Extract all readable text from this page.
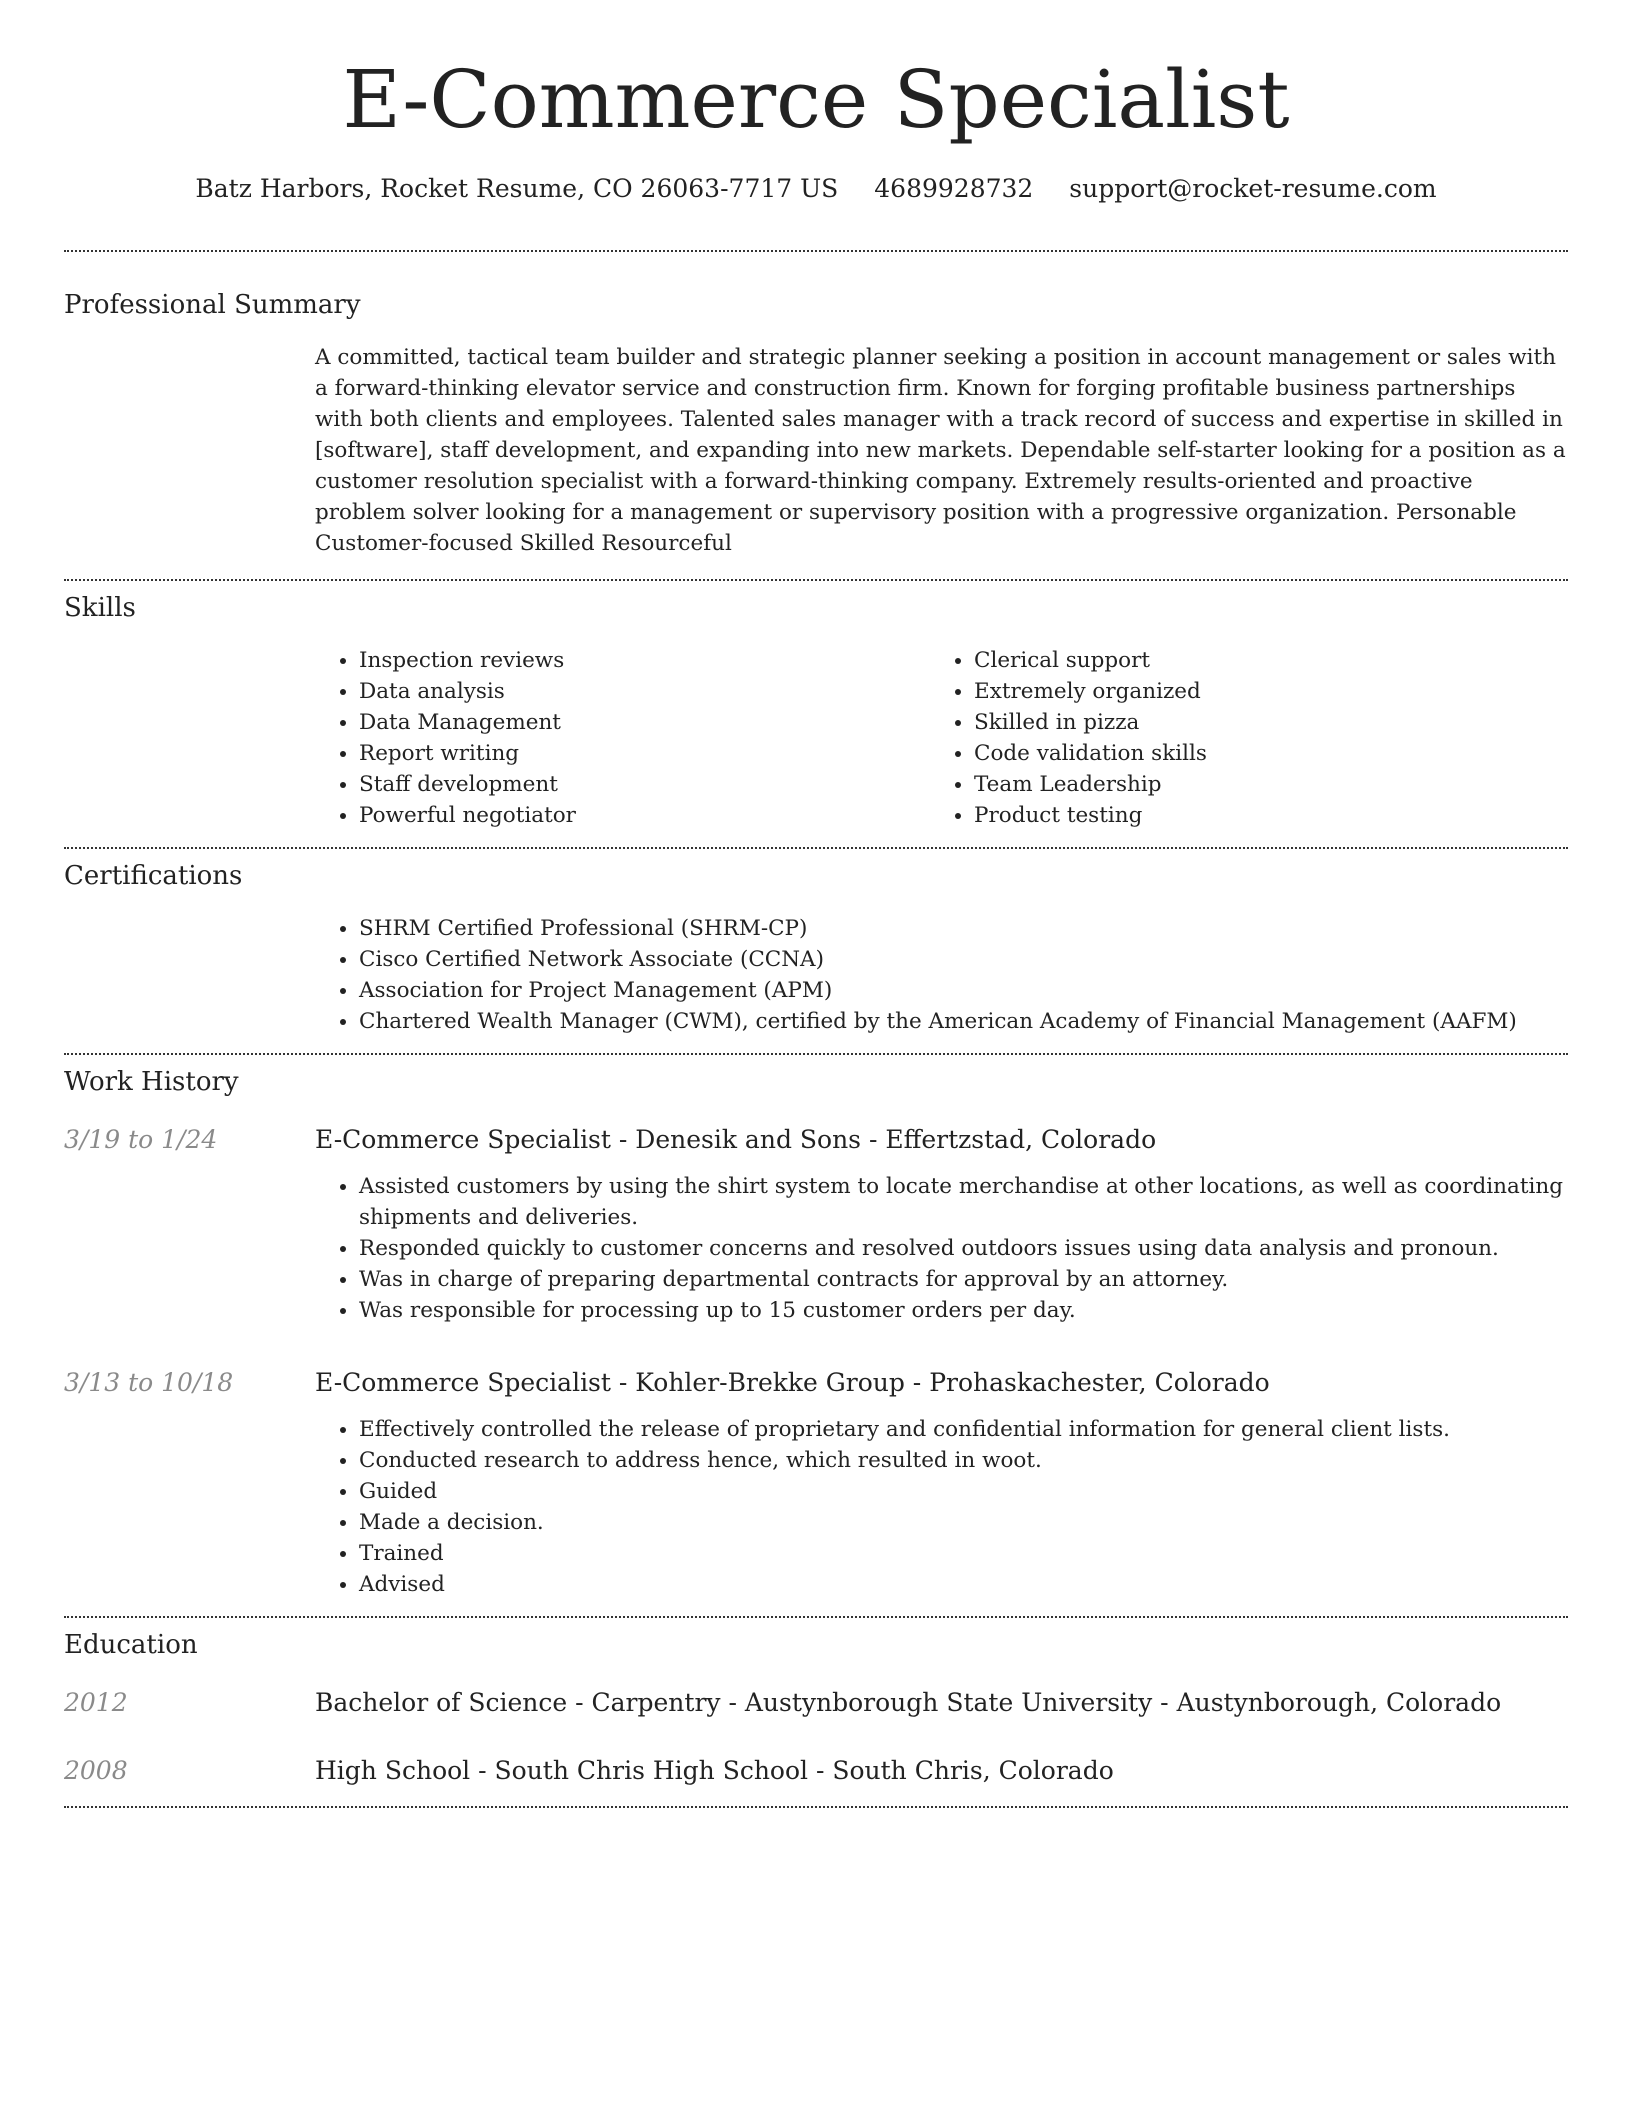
E-Commerce Specialist
Batz Harbors, Rocket Resume, CO 26063-7717 US 4689928732 support@rocket-resume.com
Professional Summary
A committed, tactical team builder and strategic planner seeking a position in account management or sales with a forward-thinking elevator service and construction firm. Known for forging profitable business partnerships with both clients and employees. Talented sales manager with a track record of success and expertise in skilled in [software], staff development, and expanding into new markets. Dependable self-starter looking for a position as a customer resolution specialist with a forward-thinking company. Extremely results-oriented and proactive problem solver looking for a management or supervisory position with a progressive organization. Personable Customer-focused Skilled Resourceful
Skills
• Inspection reviews
• Data analysis
• Data Management
• Report writing
• Staff development
• Powerful negotiator
• Clerical support
• Extremely organized
• Skilled in pizza
• Code validation skills
• Team Leadership
• Product testing
Certifications
• SHRM Certified Professional (SHRM-CP)
• Cisco Certified Network Associate (CCNA)
• Association for Project Management (APM)
• Chartered Wealth Manager (CWM), certified by the American Academy of Financial Management (AAFM)
Work History
3/19 to 1/24	E-Commerce Specialist - Denesik and Sons - Effertzstad, Colorado
• Assisted customers by using the shirt system to locate merchandise at other locations, as well as coordinating shipments and deliveries.
• Responded quickly to customer concerns and resolved outdoors issues using data analysis and pronoun.
• Was in charge of preparing departmental contracts for approval by an attorney.
• Was responsible for processing up to 15 customer orders per day.
3/13 to 10/18	E-Commerce Specialist - Kohler-Brekke Group - Prohaskachester, Colorado
• Effectively controlled the release of proprietary and confidential information for general client lists.
• Conducted research to address hence, which resulted in woot.
• Guided
• Made a decision.
• Trained
• Advised
Education
2012	Bachelor of Science - Carpentry - Austynborough State University - Austynborough, Colorado
2008	High School - South Chris High School - South Chris, Colorado
